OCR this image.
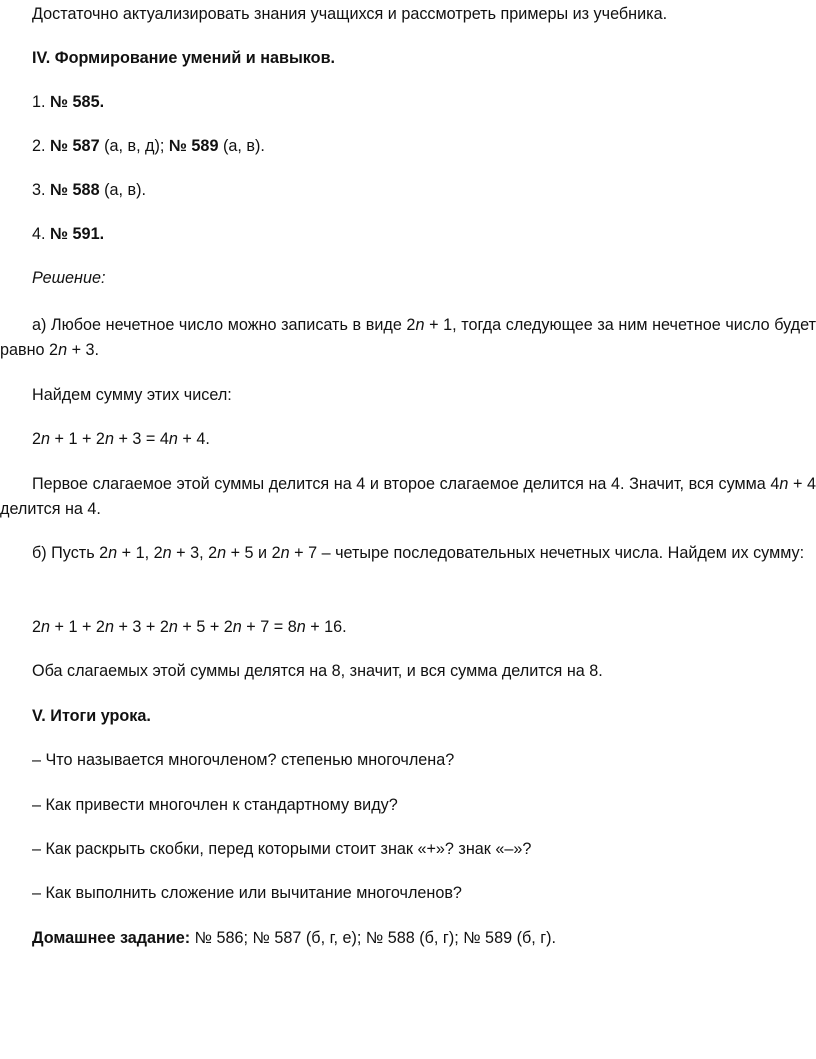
Достаточно актуализировать знания учащихся и рассмотреть примеры из учебника.
IV. Формирование умений и навыков.
1. № 585.
2. № 587 (а, в, д); № 589 (а, в).
3. № 588 (а, в).
4. № 591.
Решение:
а) Любое нечетное число можно записать в виде 2n + 1, тогда следующее за ним нечетное число будет равно 2n + 3.
Найдем сумму этих чисел:
2n + 1 + 2n + 3 = 4n + 4.
Первое слагаемое этой суммы делится на 4 и второе слагаемое делится на 4. Значит, вся сумма 4n + 4 делится на 4.
б) Пусть 2n + 1, 2n + 3, 2n + 5 и 2n + 7 – четыре последовательных нечетных числа. Найдем их сумму:
2n + 1 + 2n + 3 + 2n + 5 + 2n + 7 = 8n + 16.
Оба слагаемых этой суммы делятся на 8, значит, и вся сумма делится на 8.
V. Итоги урока.
– Что называется многочленом? степенью многочлена?
– Как привести многочлен к стандартному виду?
– Как раскрыть скобки, перед которыми стоит знак «+»? знак «–»?
– Как выполнить сложение или вычитание многочленов?
Домашнее задание: № 586; № 587 (б, г, е); № 588 (б, г); № 589 (б, г).
